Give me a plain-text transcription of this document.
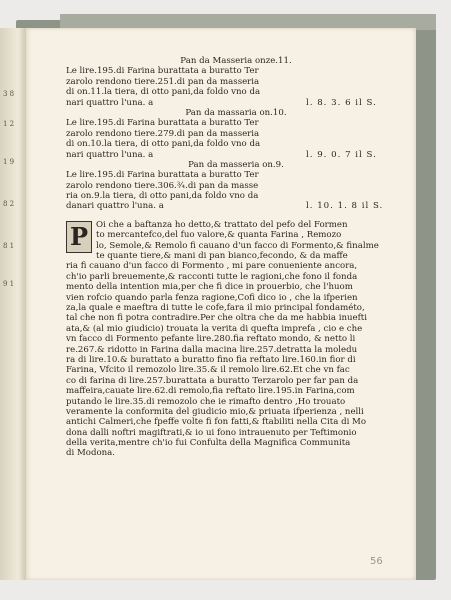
3 8
1 2
1 9
8 2
8 1
9 1
Pan da Masseria onze.11.
Le lire.195.di Farina burattata a buratto Ter
zarolo rendono tiere.251.di pan da masseria
di on.11.la tiera, di otto pani,da foldo vno da
nari quattro l'una. a	l. 8. 3. 6 il S.
Pan da massaria on.10.
Le lire.195.di Farina burattata a buratto Ter
zarolo rendono tiere.279.di pan da masseria
di on.10.la tiera, di otto pani,da foldo vno da
nari quattro l'una. a	l. 9. 0. 7 il S.
Pan da masseria on.9.
Le lire.195.di Farina burattata a buratto Ter
zarolo rendono tiere.306.¾.di pan da masse
ria on.9.la tiera, di otto pani,da foldo vno da
danari quattro l'una. a	l. 10. 1. 8 il S.
P Oi che a baftanza ho detto,& trattato del pefo del Formen
to mercantefco,del fuo valore,& quanta Farina , Remozo
lo, Semole,& Remolo fi cauano d'un facco di Formento,& finalme
te quante tiere,& mani di pan bianco,fecondo, & da maffe
ria fi cauano d'un facco di Formento , mi pare conueniente ancora,
ch'io parli breuemente,& racconti tutte le ragioni,che fono il fonda
mento della intention mia,per che fi dice in prouerbio, che l'huom
vien rofcio quando parla fenza ragione,Cofi dico io , che la ifperien
za,la quale e maeftra di tutte le cofe,fara il mio principal fondaméto,
tal che non fi potra contradire.Per che oltra che da me habbia inuefti
ata,& (al mio giudicio) trouata la verita di quefta imprefa , cio e che
vn facco di Formento pefante lire.280.fia reftato mondo, & netto li
re.267.& ridotto in Farina dalla macina lire.257.detratta la moledu
ra di lire.10.& burattato a buratto fino fia reftato lire.160.in fior di
Farina, Vfcito il remozolo lire.35.& il remolo lire.62.Et che vn fac
co di farina di lire.257.burattata a buratto Terzarolo per far pan da
maffeira,cauate lire.62.di remolo,fia reftato lire.195.in Farina,com
putando le lire.35.di remozolo che ie rimafto dentro ,Ho trouato
veramente la conformita del giudicio mio,& priuata ifperienza , nelli
antichi Calmeri,che fpeffe volte fi fon fatti,& ftabiliti nella Cita di Mo
dona dalli noftri magiftrati,& io ui fono intrauenuto per Teftimonio
della verita,mentre ch'io fui Confulta della Magnifica Communita
di Modona.
56
